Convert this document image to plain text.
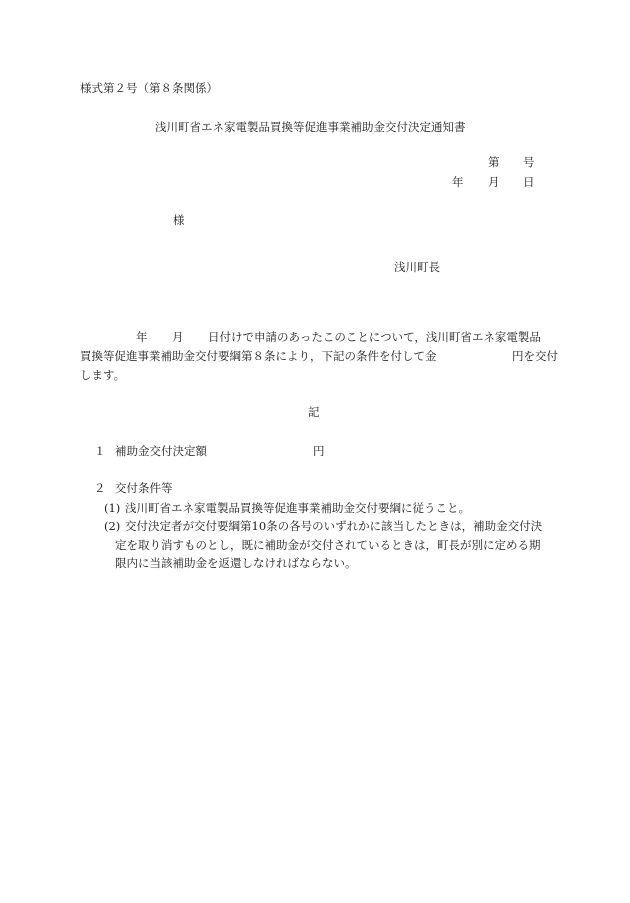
様式第２号（第８条関係）
浅川町省エネ家電製品買換等促進事業補助金交付決定通知書
第 号
年 月 日
様
浅川町長
年 月 日付けで申請のあったこのことについて，浅川町省エネ家電製品
買換等促進事業補助金交付要綱第８条により，下記の条件を付して金	円を交付
します。
記
１ 補助金交付決定額	円
２ 交付条件等
(1) 浅川町省エネ家電製品買換等促進事業補助金交付要綱に従うこと。
(2) 交付決定者が交付要綱第10条の各号のいずれかに該当したときは，補助金交付決
定を取り消すものとし，既に補助金が交付されているときは，町長が別に定める期
限内に当該補助金を返還しなければならない。
